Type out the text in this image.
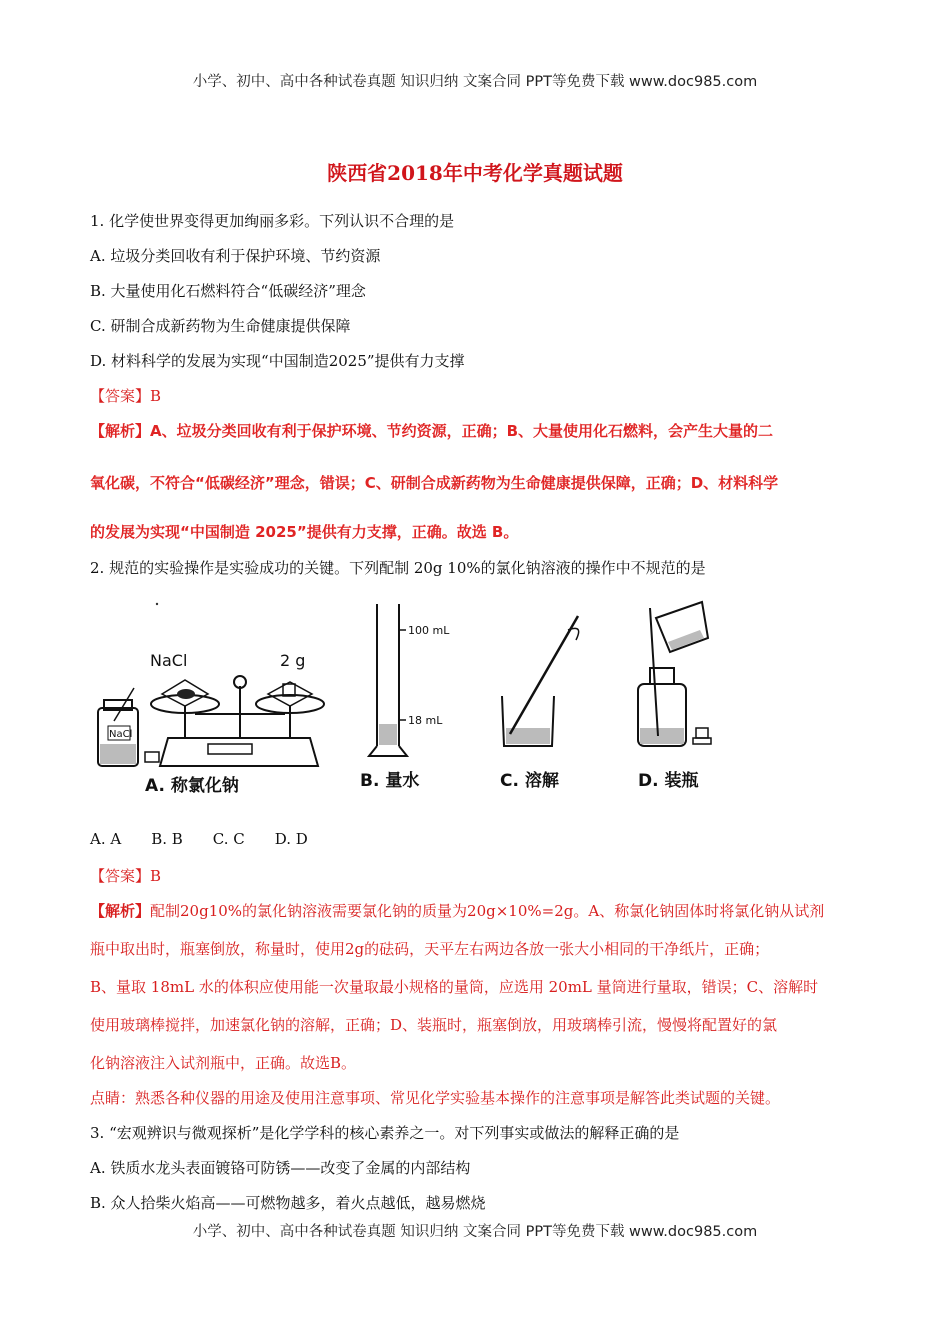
小学、初中、高中各种试卷真题 知识归纳 文案合同 PPT等免费下载 www.doc985.com
陕西省2018年中考化学真题试题
1. 化学使世界变得更加绚丽多彩。下列认识不合理的是
A. 垃圾分类回收有利于保护环境、节约资源
B. 大量使用化石燃料符合“低碳经济”理念
C. 研制合成新药物为生命健康提供保障
D. 材料科学的发展为实现“中国制造2025”提供有力支撑
【答案】B
【解析】A、垃圾分类回收有利于保护环境、节约资源，正确；B、大量使用化石燃料，会产生大量的二
氧化碳，不符合“低碳经济”理念，错误；C、研制合成新药物为生命健康提供保障，正确；D、材料科学
的发展为实现“中国制造 2025”提供有力支撑，正确。故选 B。
2. 规范的实验操作是实验成功的关键。下列配制 20g 10%的氯化钠溶液的操作中不规范的是
NaCl
NaCl	2 g
A. 称氯化钠
100 mL
18 mL
B. 量水	C. 溶解	D. 装瓶
A. A B. B C. C D. D
【答案】B
【解析】配制20g10%的氯化钠溶液需要氯化钠的质量为20g×10%=2g。A、称氯化钠固体时将氯化钠从试剂
瓶中取出时，瓶塞倒放，称量时，使用2g的砝码，天平左右两边各放一张大小相同的干净纸片，正确；
B、量取 18mL 水的体积应使用能一次量取最小规格的量筒，应选用 20mL 量筒进行量取，错误；C、溶解时
使用玻璃棒搅拌，加速氯化钠的溶解，正确；D、装瓶时，瓶塞倒放，用玻璃棒引流，慢慢将配置好的氯
化钠溶液注入试剂瓶中，正确。故选B。
点睛：熟悉各种仪器的用途及使用注意事项、常见化学实验基本操作的注意事项是解答此类试题的关键。
3. “宏观辨识与微观探析”是化学学科的核心素养之一。对下列事实或做法的解释正确的是
A. 铁质水龙头表面镀铬可防锈——改变了金属的内部结构
B. 众人拾柴火焰高——可燃物越多，着火点越低，越易燃烧
小学、初中、高中各种试卷真题 知识归纳 文案合同 PPT等免费下载 www.doc985.com
